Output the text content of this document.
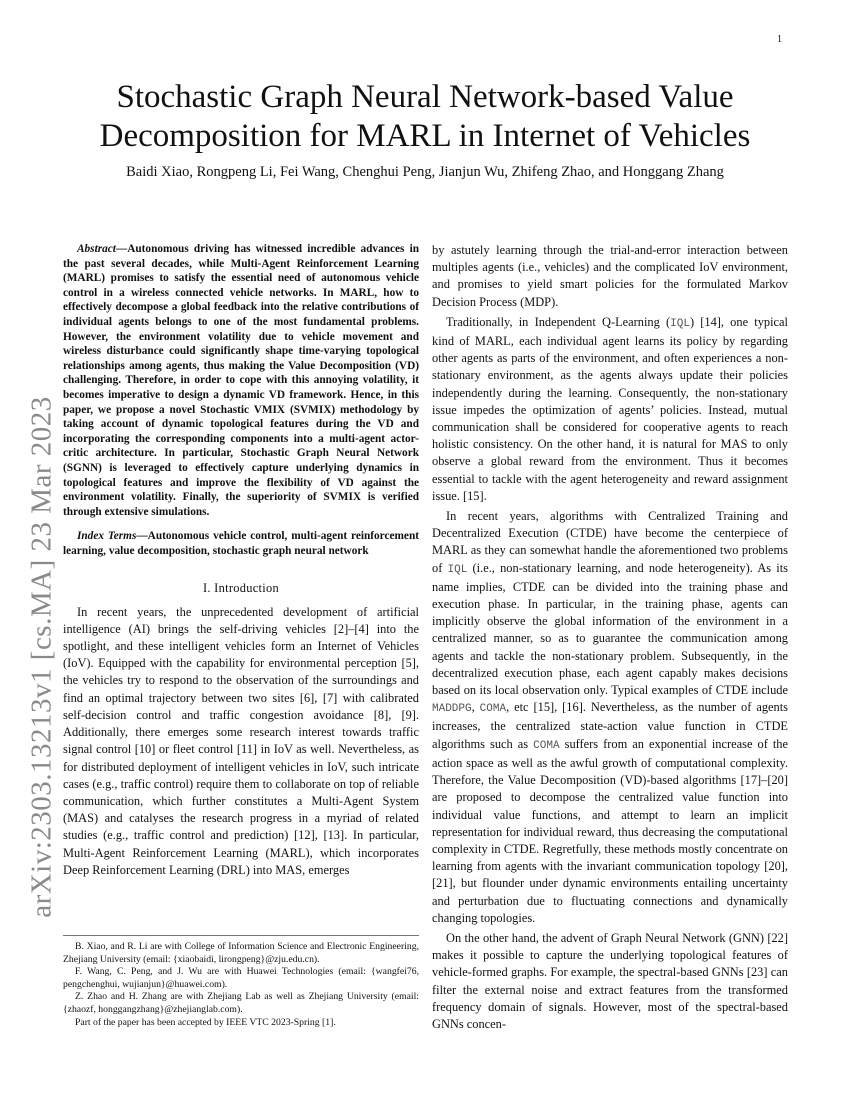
1
arXiv:2303.13213v1 [cs.MA] 23 Mar 2023
Stochastic Graph Neural Network-based Value
Decomposition for MARL in Internet of Vehicles
Baidi Xiao, Rongpeng Li, Fei Wang, Chenghui Peng, Jianjun Wu, Zhifeng Zhao, and Honggang Zhang

Abstract—Autonomous driving has witnessed incredible advances in the past several decades, while Multi-Agent Reinforcement Learning (MARL) promises to satisfy the essential need of autonomous vehicle control in a wireless connected vehicle networks. In MARL, how to effectively decompose a global feedback into the relative contributions of individual agents belongs to one of the most fundamental problems. However, the environment volatility due to vehicle movement and wireless disturbance could significantly shape time-varying topological relationships among agents, thus making the Value Decomposition (VD) challenging. Therefore, in order to cope with this annoying volatility, it becomes imperative to design a dynamic VD framework. Hence, in this paper, we propose a novel Stochastic VMIX (SVMIX) methodology by taking account of dynamic topological features during the VD and incorporating the corresponding components into a multi-agent actor-critic architecture. In particular, Stochastic Graph Neural Network (SGNN) is leveraged to effectively capture underlying dynamics in topological features and improve the flexibility of VD against the environment volatility. Finally, the superiority of SVMIX is verified through extensive simulations.

Index Terms—Autonomous vehicle control, multi-agent reinforcement learning, value decomposition, stochastic graph neural network

I. Introduction

In recent years, the unprecedented development of artificial intelligence (AI) brings the self-driving vehicles [2]–[4] into the spotlight, and these intelligent vehicles form an Internet of Vehicles (IoV). Equipped with the capability for environmental perception [5], the vehicles try to respond to the observation of the surroundings and find an optimal trajectory between two sites [6], [7] with calibrated self-decision control and traffic congestion avoidance [8], [9]. Additionally, there emerges some research interest towards traffic signal control [10] or fleet control [11] in IoV as well. Nevertheless, as for distributed deployment of intelligent vehicles in IoV, such intricate cases (e.g., traffic control) require them to collaborate on top of reliable communication, which further constitutes a Multi-Agent System (MAS) and catalyses the research progress in a myriad of related studies (e.g., traffic control and prediction) [12], [13]. In particular, Multi-Agent Reinforcement Learning (MARL), which incorporates Deep Reinforcement Learning (DRL) into MAS, emerges

B. Xiao, and R. Li are with College of Information Science and Electronic Engineering, Zhejiang University (email: {xiaobaidi, lirongpeng}@zju.edu.cn).

F. Wang, C. Peng, and J. Wu are with Huawei Technologies (email: {wangfei76, pengchenghui, wujianjun}@huawei.com).

Z. Zhao and H. Zhang are with Zhejiang Lab as well as Zhejiang University (email: {zhaozf, honggangzhang}@zhejianglab.com).

Part of the paper has been accepted by IEEE VTC 2023-Spring [1].

by astutely learning through the trial-and-error interaction between multiples agents (i.e., vehicles) and the complicated IoV environment, and promises to yield smart policies for the formulated Markov Decision Process (MDP).

Traditionally, in Independent Q-Learning (IQL) [14], one typical kind of MARL, each individual agent learns its policy by regarding other agents as parts of the environment, and often experiences a non-stationary environment, as the agents always update their policies independently during the learning. Consequently, the non-stationary issue impedes the optimization of agents’ policies. Instead, mutual communication shall be considered for cooperative agents to reach holistic consistency. On the other hand, it is natural for MAS to only observe a global reward from the environment. Thus it becomes essential to tackle with the agent heterogeneity and reward assignment issue. [15].

In recent years, algorithms with Centralized Training and Decentralized Execution (CTDE) have become the centerpiece of MARL as they can somewhat handle the aforementioned two problems of IQL (i.e., non-stationary learning, and node heterogeneity). As its name implies, CTDE can be divided into the training phase and execution phase. In particular, in the training phase, agents can implicitly observe the global information of the environment in a centralized manner, so as to guarantee the communication among agents and tackle the non-stationary problem. Subsequently, in the decentralized execution phase, each agent capably makes decisions based on its local observation only. Typical examples of CTDE include MADDPG, COMA, etc [15], [16]. Nevertheless, as the number of agents increases, the centralized state-action value function in CTDE algorithms such as COMA suffers from an exponential increase of the action space as well as the awful growth of computational complexity. Therefore, the Value Decomposition (VD)-based algorithms [17]–[20] are proposed to decompose the centralized value function into individual value functions, and attempt to learn an implicit representation for individual reward, thus decreasing the computational complexity in CTDE. Regretfully, these methods mostly concentrate on learning from agents with the invariant communication topology [20], [21], but flounder under dynamic environments entailing uncertainty and perturbation due to fluctuating connections and dynamically changing topologies.

On the other hand, the advent of Graph Neural Network (GNN) [22] makes it possible to capture the underlying topological features of vehicle-formed graphs. For example, the spectral-based GNNs [23] can filter the external noise and extract features from the transformed frequency domain of signals. However, most of the spectral-based GNNs concen-
